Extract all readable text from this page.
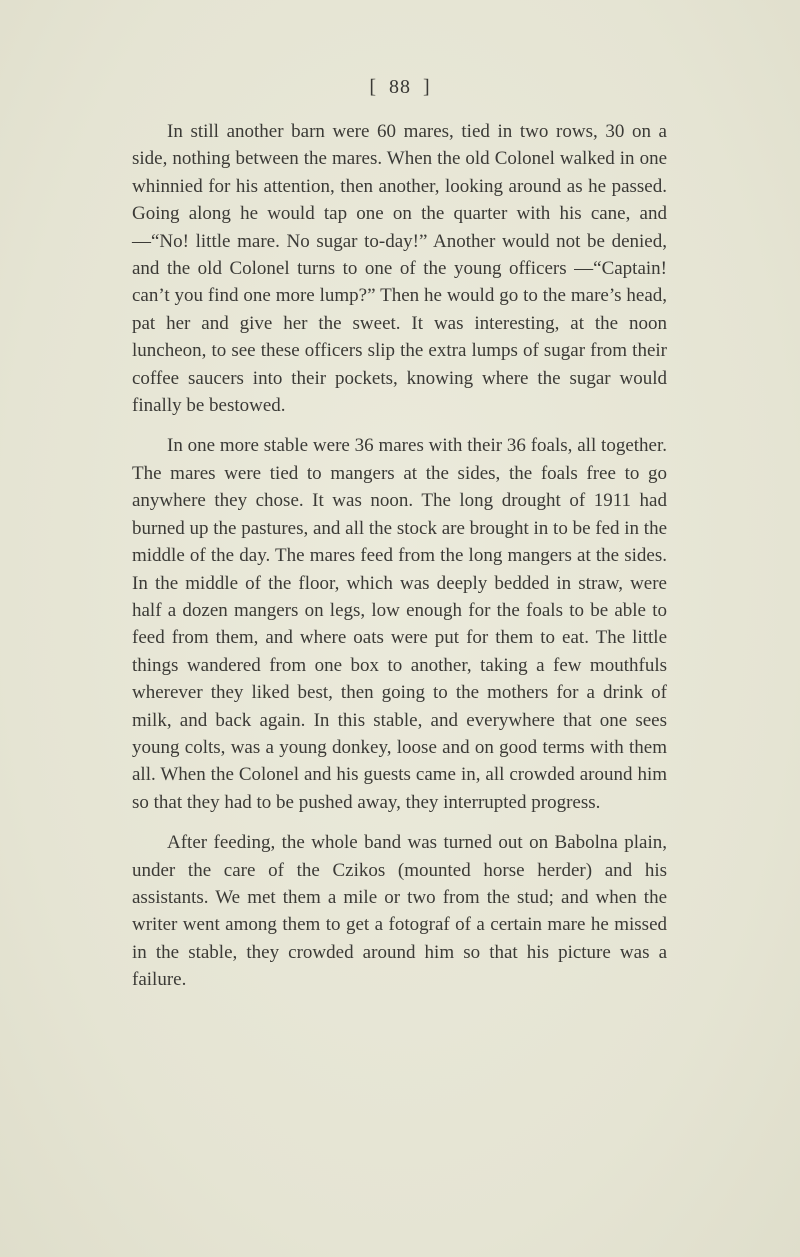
[ 88 ]

In still another barn were 60 mares, tied in two rows, 30 on a side, nothing between the mares. When the old Colonel walked in one whinnied for his attention, then another, looking around as he passed. Going along he would tap one on the quarter with his cane, and—“No! little mare. No sugar to-day!” Another would not be denied, and the old Colonel turns to one of the young officers —“Captain! can’t you find one more lump?” Then he would go to the mare’s head, pat her and give her the sweet. It was interesting, at the noon luncheon, to see these officers slip the extra lumps of sugar from their coffee saucers into their pockets, knowing where the sugar would finally be bestowed.

In one more stable were 36 mares with their 36 foals, all together. The mares were tied to mangers at the sides, the foals free to go anywhere they chose. It was noon. The long drought of 1911 had burned up the pastures, and all the stock are brought in to be fed in the middle of the day. The mares feed from the long mangers at the sides. In the middle of the floor, which was deeply bedded in straw, were half a dozen mangers on legs, low enough for the foals to be able to feed from them, and where oats were put for them to eat. The little things wandered from one box to another, taking a few mouthfuls wherever they liked best, then going to the mothers for a drink of milk, and back again. In this stable, and everywhere that one sees young colts, was a young donkey, loose and on good terms with them all. When the Colonel and his guests came in, all crowded around him so that they had to be pushed away, they interrupted progress.

After feeding, the whole band was turned out on Babolna plain, under the care of the Czikos (mounted horse herder) and his assistants. We met them a mile or two from the stud; and when the writer went among them to get a fotograf of a certain mare he missed in the stable, they crowded around him so that his picture was a failure.
